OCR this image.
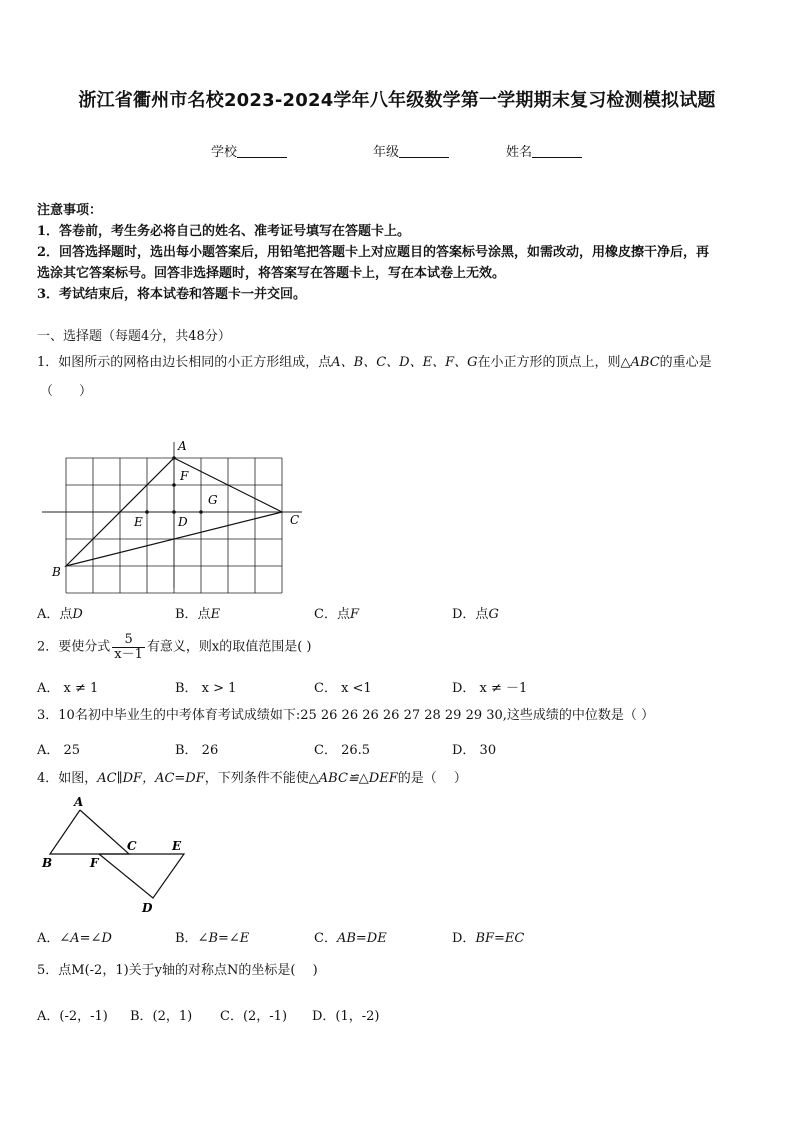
浙江省衢州市名校2023-2024学年八年级数学第一学期期末复习检测模拟试题
学校	年级	姓名
注意事项：
1．答卷前，考生务必将自己的姓名、准考证号填写在答题卡上。
2．回答选择题时，选出每小题答案后，用铅笔把答题卡上对应题目的答案标号涂黑，如需改动，用橡皮擦干净后，再
选涂其它答案标号。回答非选择题时，将答案写在答题卡上，写在本试卷上无效。
3．考试结束后，将本试卷和答题卡一并交回。
一、选择题（每题4分，共48分）
1．如图所示的网格由边长相同的小正方形组成，点A、B、C、D、E、F、G在小正方形的顶点上，则△ABC的重心是
（　　）
A
F
G
E	D	C
B
A．点D	B．点E	C．点F	D．点G
2．要使分式 $\frac{5}{x-1}$ 有意义，则x的取值范围是( )
A． x ≠ 1	B． x > 1	C． x <1	D． x ≠ －1
3．10名初中毕业生的中考体育考试成绩如下:25 26 26 26 26 27 28 29 29 30,这些成绩的中位数是（ ）
A． 25	B． 26	C． 26.5	D． 30
4．如图，AC∥DF，AC=DF，下列条件不能使△ABC≌△DEF的是（　 ）
A
B
C	E
F
D
A．∠A=∠D	B．∠B=∠E	C．AB=DE	D．BF=EC
5．点M(-2，1)关于y轴的对称点N的坐标是(　 )
A．(-2，-1) B．(2，1) C．(2，-1) D．(1，-2)
